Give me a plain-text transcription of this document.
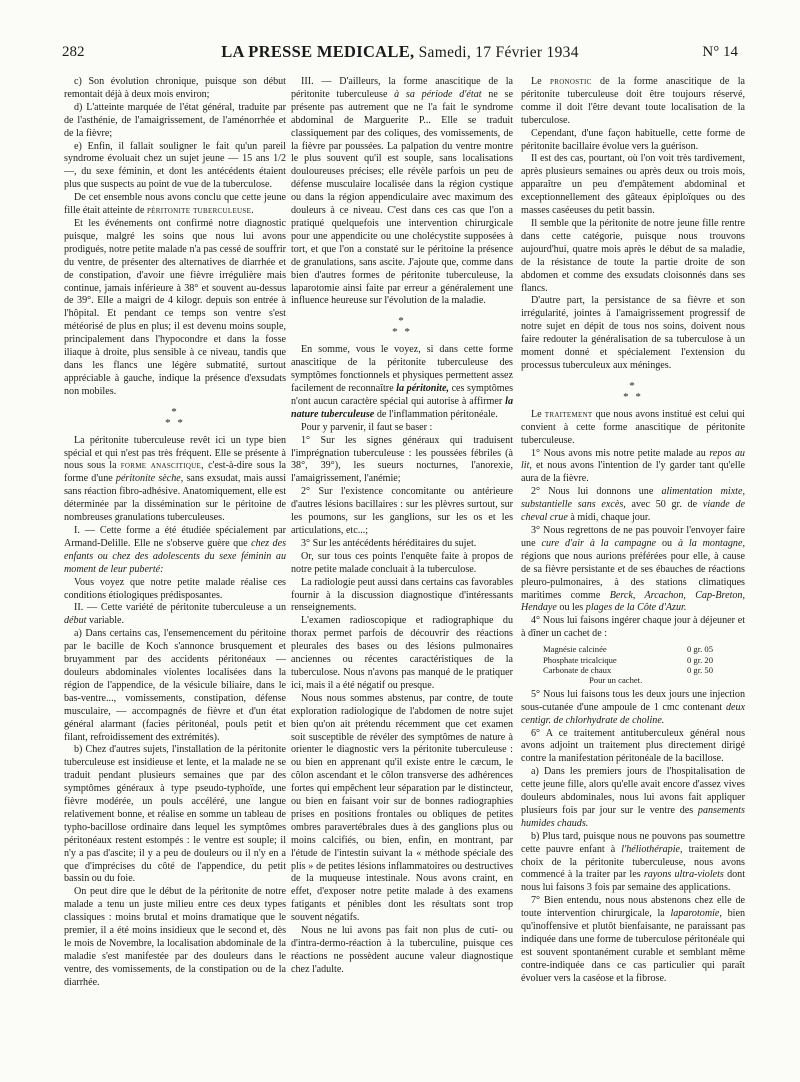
282	LA PRESSE MEDICALE, Samedi, 17 Février 1934	N° 14

c) Son évolution chronique, puisque son début remontait déjà à deux mois environ;

d) L'atteinte marquée de l'état général, traduite par de l'asthénie, de l'amaigrissement, de l'aménorrhée et de la fièvre;

e) Enfin, il fallait souligner le fait qu'un pareil syndrome évoluait chez un sujet jeune — 15 ans 1/2 —, du sexe féminin, et dont les antécédents étaient plus que suspects au point de vue de la tuberculose.

De cet ensemble nous avons conclu que cette jeune fille était atteinte de péritonite tuberculeuse.

Et les événements ont confirmé notre diagnostic puisque, malgré les soins que nous lui avons prodigués, notre petite malade n'a pas cessé de souffrir du ventre, de présenter des alternatives de diarrhée et de constipation, d'avoir une fièvre irrégulière mais continue, jamais inférieure à 38° et souvent au-dessus de 39°. Elle a maigri de 4 kilogr. depuis son entrée à l'hôpital. Et pendant ce temps son ventre s'est météorisé de plus en plus; il est devenu moins souple, principalement dans l'hypocondre et dans la fosse iliaque à droite, plus sensible à ce niveau, tandis que dans les flancs une légère submatité, surtout appréciable à gauche, indique la présence d'exsudats non mobiles.

*
* *

La péritonite tuberculeuse revêt ici un type bien spécial et qui n'est pas très fréquent. Elle se présente à nous sous la forme anascitique, c'est-à-dire sous la forme d'une péritonite sèche, sans exsudat, mais aussi sans réaction fibro-adhésive. Anatomiquement, elle est déterminée par la dissémination sur le péritoine de nombreuses granulations tuberculeuses.

I. — Cette forme a été étudiée spécialement par Armand-Delille. Elle ne s'observe guère que chez des enfants ou chez des adolescents du sexe féminin au moment de leur puberté:

Vous voyez que notre petite malade réalise ces conditions étiologiques prédisposantes.

II. — Cette variété de péritonite tuberculeuse a un début variable.

a) Dans certains cas, l'ensemencement du péritoine par le bacille de Koch s'annonce brusquement et bruyamment par des accidents péritonéaux — douleurs abdominales violentes localisées dans la région de l'appendice, de la vésicule biliaire, dans le bas-ventre..., vomissements, constipation, défense musculaire, — accompagnés de fièvre et d'un état général alarmant (facies péritonéal, pouls petit et filant, refroidissement des extrémités).

b) Chez d'autres sujets, l'installation de la péritonite tuberculeuse est insidieuse et lente, et la malade ne se traduit pendant plusieurs semaines que par des symptômes généraux à type pseudo-typhoïde, une fièvre modérée, un pouls accéléré, une langue relativement bonne, et réalise en somme un tableau de typho-bacillose ordinaire dans lequel les symptômes péritonéaux restent estompés : le ventre est souple; il n'y a pas d'ascite; il y a peu de douleurs ou il n'y en a que d'imprécises du côté de l'appendice, du petit bassin ou du foie.

On peut dire que le début de la péritonite de notre malade a tenu un juste milieu entre ces deux types classiques : moins brutal et moins dramatique que le premier, il a été moins insidieux que le second et, dès le mois de Novembre, la localisation abdominale de la maladie s'est manifestée par des douleurs dans le ventre, des vomissements, de la constipation ou de la diarrhée.

III. — D'ailleurs, la forme anascitique de la péritonite tuberculeuse à sa période d'état ne se présente pas autrement que ne l'a fait le syndrome abdominal de Marguerite P... Elle se traduit classiquement par des coliques, des vomissements, de la fièvre par poussées. La palpation du ventre montre le plus souvent qu'il est souple, sans localisations douloureuses précises; elle révèle parfois un peu de défense musculaire localisée dans la région cystique ou dans la région appendiculaire avec maximum des douleurs à ce niveau. C'est dans ces cas que l'on a pratiqué quelquefois une intervention chirurgicale pour une appendicite ou une cholécystite supposées à tort, et que l'on a constaté sur le péritoine la présence de granulations, sans ascite. J'ajoute que, comme dans bien d'autres formes de péritonite tuberculeuse, la laparotomie ainsi faite par erreur a généralement une influence heureuse sur l'évolution de la maladie.

*
* *

En somme, vous le voyez, si dans cette forme anascitique de la péritonite tuberculeuse des symptômes fonctionnels et physiques permettent assez facilement de reconnaître la péritonite, ces symptômes n'ont aucun caractère spécial qui autorise à affirmer la nature tuberculeuse de l'inflammation péritonéale.

Pour y parvenir, il faut se baser :

1° Sur les signes généraux qui traduisent l'imprégnation tuberculeuse : les poussées fébriles (à 38°, 39°), les sueurs nocturnes, l'anorexie, l'amaigrissement, l'anémie;

2° Sur l'existence concomitante ou antérieure d'autres lésions bacillaires : sur les plèvres surtout, sur les poumons, sur les ganglions, sur les os et les articulations, etc...;

3° Sur les antécédents héréditaires du sujet.

Or, sur tous ces points l'enquête faite à propos de notre petite malade concluait à la tuberculose.

La radiologie peut aussi dans certains cas favorables fournir à la discussion diagnostique d'intéressants renseignements.

L'examen radioscopique et radiographique du thorax permet parfois de découvrir des réactions pleurales des bases ou des lésions pulmonaires anciennes ou récentes caractéristiques de la tuberculose. Nous n'avons pas manqué de le pratiquer ici, mais il a été négatif ou presque.

Nous nous sommes abstenus, par contre, de toute exploration radiologique de l'abdomen de notre sujet bien qu'on ait prétendu récemment que cet examen soit susceptible de révéler des symptômes de nature à orienter le diagnostic vers la péritonite tuberculeuse : ou bien en apprenant qu'il existe entre le cæcum, le côlon ascendant et le côlon transverse des adhérences fortes qui empêchent leur séparation par le distincteur, ou bien en faisant voir sur de bonnes radiographies prises en positions frontales ou obliques de petites ombres paravertébrales dues à des ganglions plus ou moins calcifiés, ou bien, enfin, en montrant, par l'étude de l'intestin suivant la « méthode spéciale des plis » de petites lésions inflammatoires ou destructives de la muqueuse intestinale. Nous avons craint, en effet, d'exposer notre petite malade à des examens fatigants et pénibles dont les résultats sont trop souvent négatifs.

Nous ne lui avons pas fait non plus de cuti- ou d'intra-dermo-réaction à la tuberculine, puisque ces réactions ne possèdent aucune valeur diagnostique chez l'adulte.

Le pronostic de la forme anascitique de la péritonite tuberculeuse doit être toujours réservé, comme il doit l'être devant toute localisation de la tuberculose.

Cependant, d'une façon habituelle, cette forme de péritonite bacillaire évolue vers la guérison.

Il est des cas, pourtant, où l'on voit très tardivement, après plusieurs semaines ou après deux ou trois mois, apparaître un peu d'empâtement abdominal et exceptionnellement des gâteaux épiploïques ou des masses caséeuses du petit bassin.

Il semble que la péritonite de notre jeune fille rentre dans cette catégorie, puisque nous trouvons aujourd'hui, quatre mois après le début de sa maladie, de la résistance de toute la partie droite de son abdomen et comme des exsudats cloisonnés dans ses flancs.

D'autre part, la persistance de sa fièvre et son irrégularité, jointes à l'amaigrissement progressif de notre sujet en dépit de tous nos soins, doivent nous faire redouter la généralisation de sa tuberculose à un moment donné et spécialement l'extension du processus tuberculeux aux méninges.

*
* *

Le traitement que nous avons institué est celui qui convient à cette forme anascitique de péritonite tuberculeuse.

1° Nous avons mis notre petite malade au repos au lit, et nous avons l'intention de l'y garder tant qu'elle aura de la fièvre.

2° Nous lui donnons une alimentation mixte, substantielle sans excès, avec 50 gr. de viande de cheval crue à midi, chaque jour.

3° Nous regrettons de ne pas pouvoir l'envoyer faire une cure d'air à la campagne ou à la montagne, régions que nous aurions préférées pour elle, à cause de sa fièvre persistante et de ses ébauches de réactions pleuro-pulmonaires, à des stations climatiques maritimes comme Berck, Arcachon, Cap-Breton, Hendaye ou les plages de la Côte d'Azur.

4° Nous lui faisons ingérer chaque jour à déjeuner et à dîner un cachet de :

Magnésie calcinée	0 gr. 05
Phosphate tricalcique	0 gr. 20
Carbonate de chaux	0 gr. 50
Pour un cachet.

5° Nous lui faisons tous les deux jours une injection sous-cutanée d'une ampoule de 1 cmc contenant deux centigr. de chlorhydrate de choline.

6° A ce traitement antituberculeux général nous avons adjoint un traitement plus directement dirigé contre la manifestation péritonéale de la bacillose.

a) Dans les premiers jours de l'hospitalisation de cette jeune fille, alors qu'elle avait encore d'assez vives douleurs abdominales, nous lui avons fait appliquer plusieurs fois par jour sur le ventre des pansements humides chauds.

b) Plus tard, puisque nous ne pouvons pas soumettre cette pauvre enfant à l'héliothérapie, traitement de choix de la péritonite tuberculeuse, nous avons commencé à la traiter par les rayons ultra-violets dont nous lui faisons 3 fois par semaine des applications.

7° Bien entendu, nous nous abstenons chez elle de toute intervention chirurgicale, la laparotomie, bien qu'inoffensive et plutôt bienfaisante, ne paraissant pas indiquée dans une forme de tuberculose péritonéale qui est souvent spontanément curable et semblant même contre-indiquée dans ce cas particulier qui paraît évoluer vers la caséose et la fibrose.
